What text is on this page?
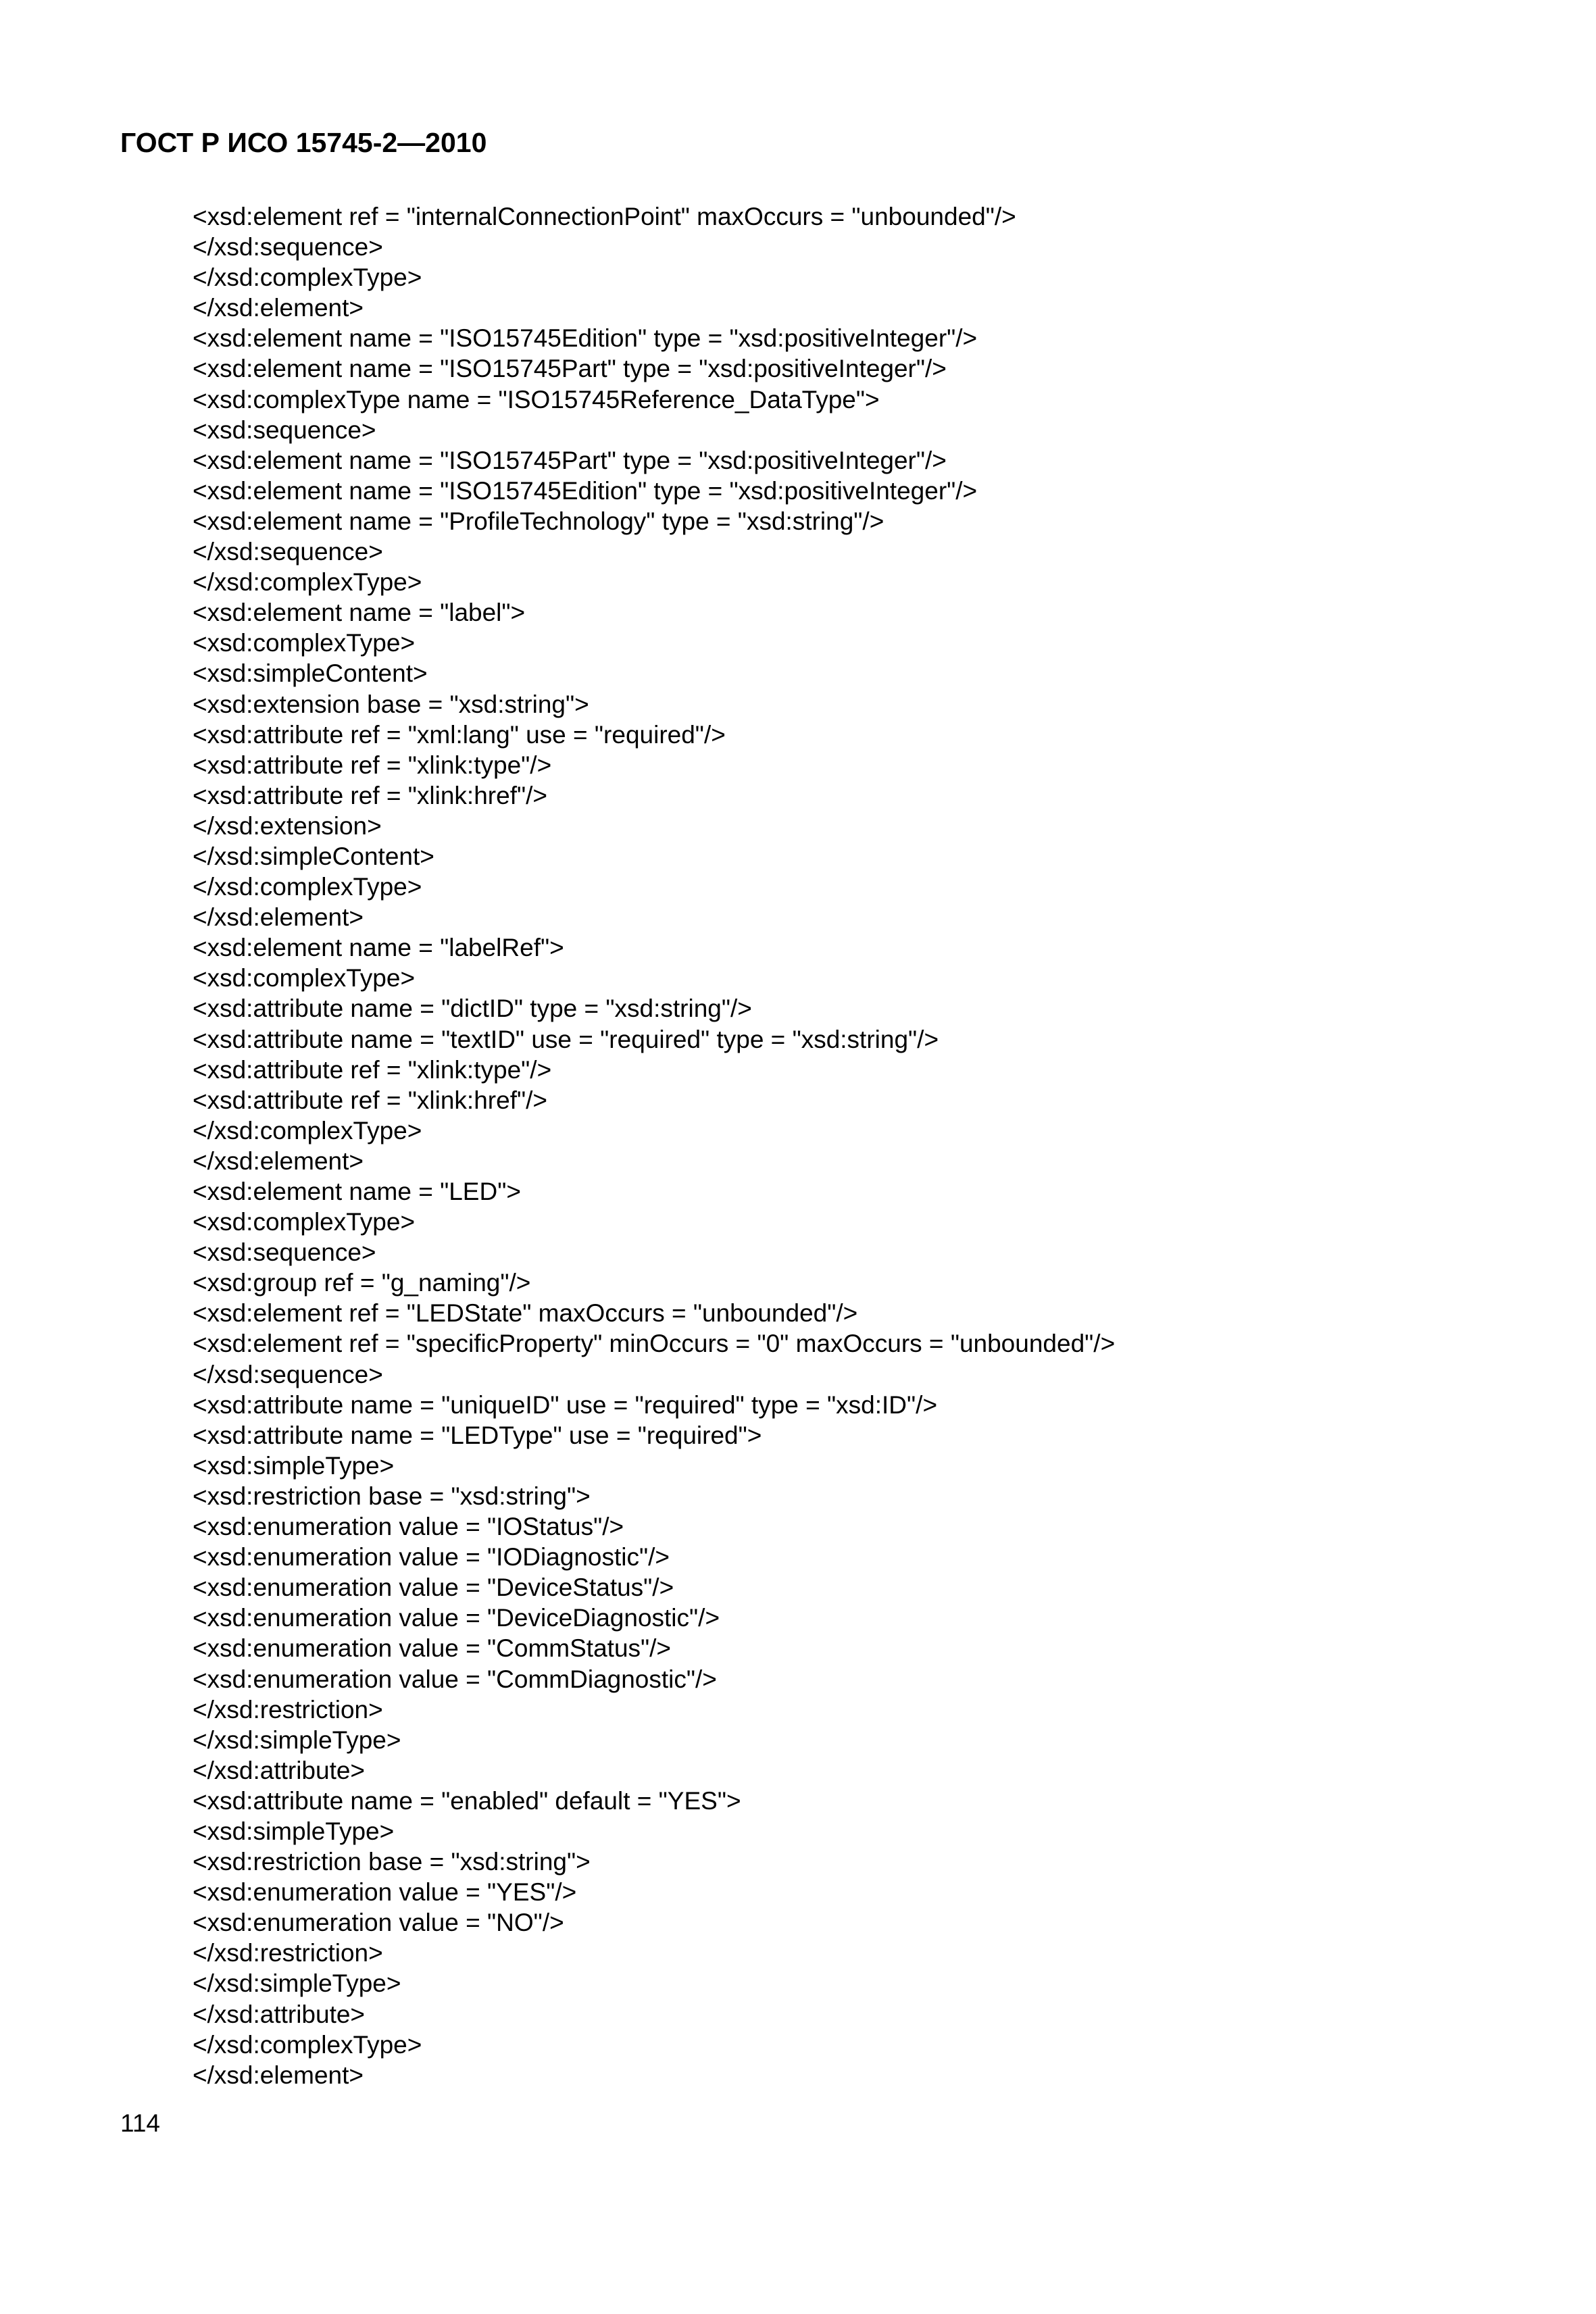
ГОСТ Р ИСО 15745-2—2010
<xsd:element ref = "internalConnectionPoint" maxOccurs = "unbounded"/>
</xsd:sequence>
</xsd:complexType>
</xsd:element>
<xsd:element name = "ISO15745Edition" type = "xsd:positiveInteger"/>
<xsd:element name = "ISO15745Part" type = "xsd:positiveInteger"/>
<xsd:complexType name = "ISO15745Reference_DataType">
<xsd:sequence>
<xsd:element name = "ISO15745Part" type = "xsd:positiveInteger"/>
<xsd:element name = "ISO15745Edition" type = "xsd:positiveInteger"/>
<xsd:element name = "ProfileTechnology" type = "xsd:string"/>
</xsd:sequence>
</xsd:complexType>
<xsd:element name = "label">
<xsd:complexType>
<xsd:simpleContent>
<xsd:extension base = "xsd:string">
<xsd:attribute ref = "xml:lang" use = "required"/>
<xsd:attribute ref = "xlink:type"/>
<xsd:attribute ref = "xlink:href"/>
</xsd:extension>
</xsd:simpleContent>
</xsd:complexType>
</xsd:element>
<xsd:element name = "labelRef">
<xsd:complexType>
<xsd:attribute name = "dictID" type = "xsd:string"/>
<xsd:attribute name = "textID" use = "required" type = "xsd:string"/>
<xsd:attribute ref = "xlink:type"/>
<xsd:attribute ref = "xlink:href"/>
</xsd:complexType>
</xsd:element>
<xsd:element name = "LED">
<xsd:complexType>
<xsd:sequence>
<xsd:group ref = "g_naming"/>
<xsd:element ref = "LEDState" maxOccurs = "unbounded"/>
<xsd:element ref = "specificProperty" minOccurs = "0" maxOccurs = "unbounded"/>
</xsd:sequence>
<xsd:attribute name = "uniqueID" use = "required" type = "xsd:ID"/>
<xsd:attribute name = "LEDType" use = "required">
<xsd:simpleType>
<xsd:restriction base = "xsd:string">
<xsd:enumeration value = "IOStatus"/>
<xsd:enumeration value = "IODiagnostic"/>
<xsd:enumeration value = "DeviceStatus"/>
<xsd:enumeration value = "DeviceDiagnostic"/>
<xsd:enumeration value = "CommStatus"/>
<xsd:enumeration value = "CommDiagnostic"/>
</xsd:restriction>
</xsd:simpleType>
</xsd:attribute>
<xsd:attribute name = "enabled" default = "YES">
<xsd:simpleType>
<xsd:restriction base = "xsd:string">
<xsd:enumeration value = "YES"/>
<xsd:enumeration value = "NO"/>
</xsd:restriction>
</xsd:simpleType>
</xsd:attribute>
</xsd:complexType>
</xsd:element>
114
